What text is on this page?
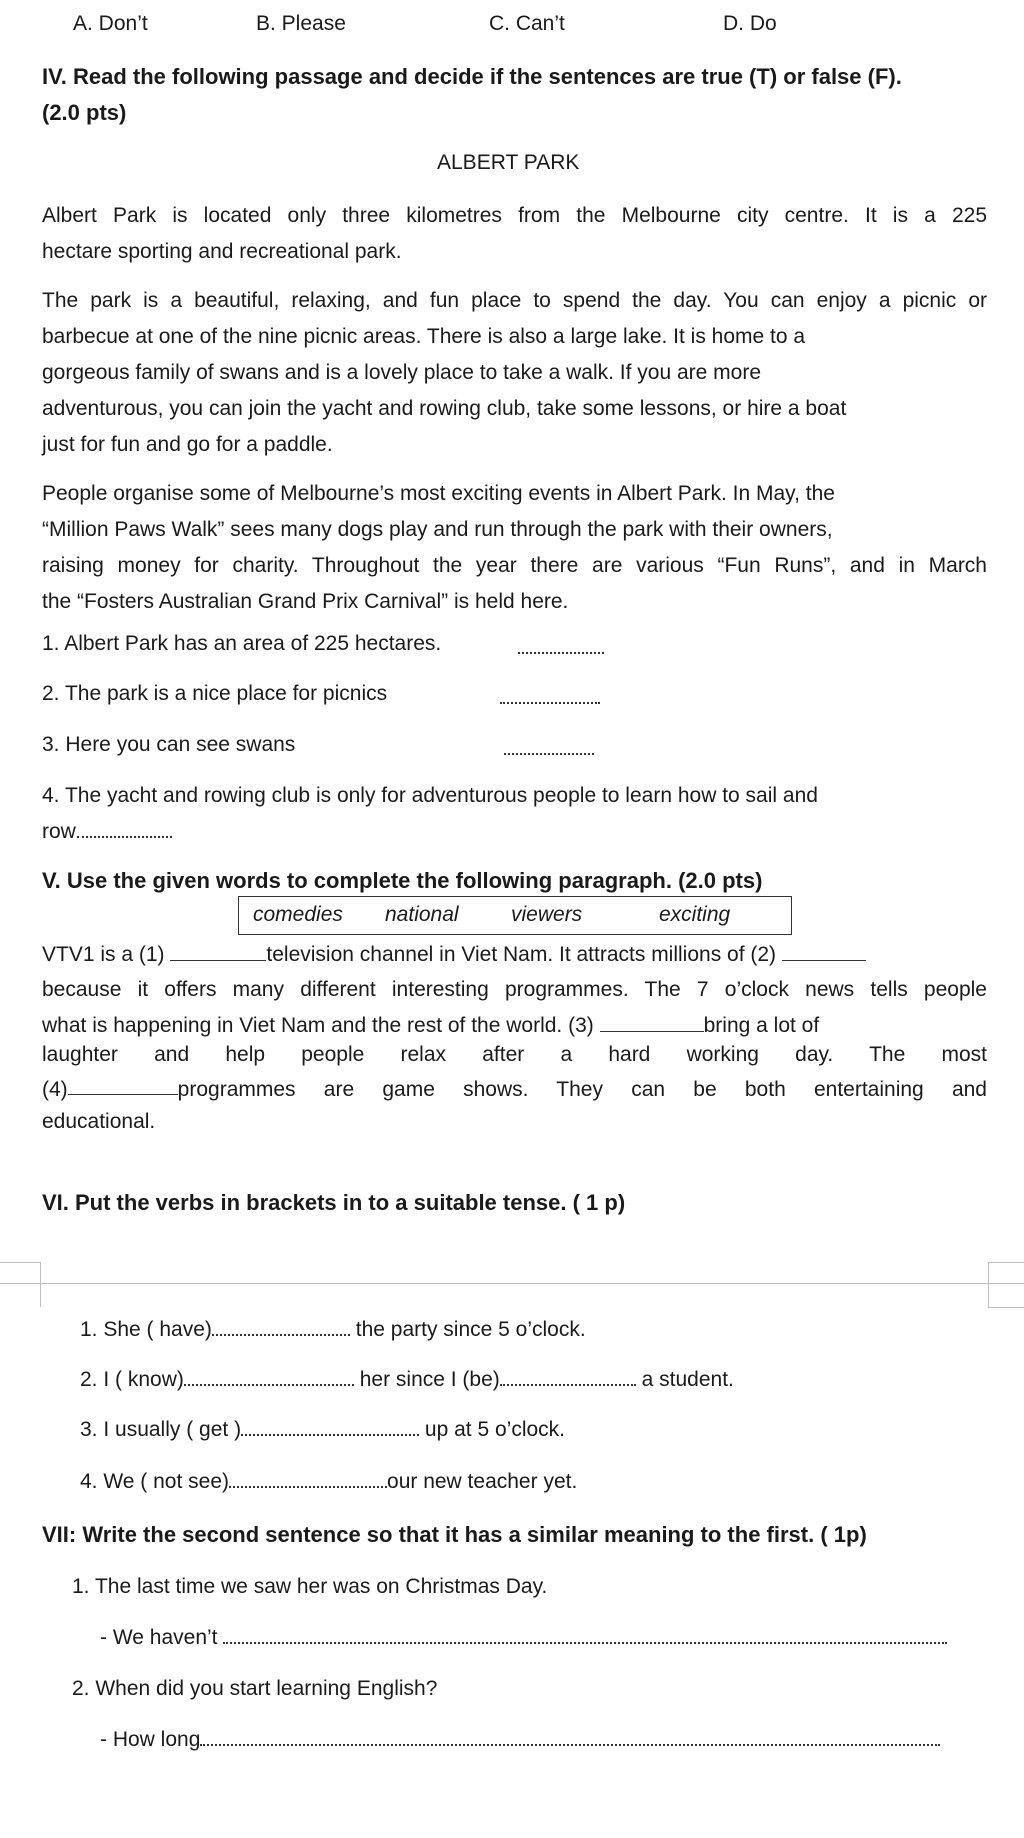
A. Don’t	B. Please	C. Can’t	D. Do
IV. Read the following passage and decide if the sentences are true (T) or false (F).
(2.0 pts)
ALBERT PARK
Albert Park is located only three kilometres from the Melbourne city centre. It is a 225
hectare sporting and recreational park.
The park is a beautiful, relaxing, and fun place to spend the day. You can enjoy a picnic or
barbecue at one of the nine picnic areas. There is also a large lake. It is home to a
gorgeous family of swans and is a lovely place to take a walk. If you are more
adventurous, you can join the yacht and rowing club, take some lessons, or hire a boat
just for fun and go for a paddle.
People organise some of Melbourne’s most exciting events in Albert Park. In May, the
“Million Paws Walk” sees many dogs play and run through the park with their owners,
raising money for charity. Throughout the year there are various “Fun Runs”, and in March
the “Fosters Australian Grand Prix Carnival” is held here.
1. Albert Park has an area of 225 hectares.
2. The park is a nice place for picnics
3. Here you can see swans
4. The yacht and rowing club is only for adventurous people to learn how to sail and
row
V. Use the given words to complete the following paragraph. (2.0 pts)
comedies national viewers	exciting
VTV1 is a (1)	television channel in Viet Nam. It attracts millions of (2)
because it offers many different interesting programmes. The 7 o’clock news tells people
what is happening in Viet Nam and the rest of the world. (3)	bring a lot of
laughter and help people relax after a hard working day. The most
(4)	programmes are game shows. They can be both entertaining and
educational.
VI. Put the verbs in brackets in to a suitable tense. ( 1 p)
1. She ( have)	the party since 5 o’clock.
2. I ( know)	her since I (be)	a student.
3. I usually ( get )	up at 5 o’clock.
4. We ( not see)	our new teacher yet.
VII: Write the second sentence so that it has a similar meaning to the first. ( 1p)
1. The last time we saw her was on Christmas Day.
- We haven’t
2. When did you start learning English?
- How long
